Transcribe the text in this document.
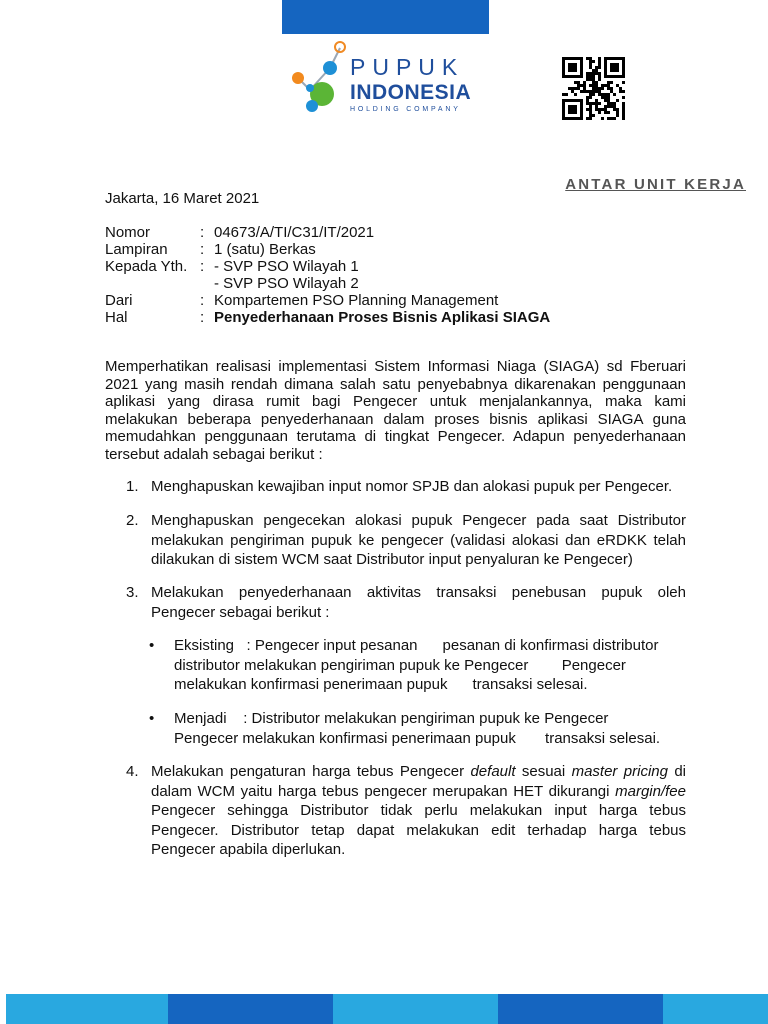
PUPUK
INDONESIA
HOLDING COMPANY
ANTAR UNIT KERJA
Jakarta, 16 Maret 2021
Nomor	: 04673/A/TI/C31/IT/2021
Lampiran	: 1 (satu) Berkas
Kepada Yth. : - SVP PSO Wilayah 1
- SVP PSO Wilayah 2
Dari	: Kompartemen PSO Planning Management
Hal	: Penyederhanaan Proses Bisnis Aplikasi SIAGA
Memperhatikan realisasi implementasi Sistem Informasi Niaga (SIAGA) sd Fberuari 2021 yang masih rendah dimana salah satu penyebabnya dikarenakan penggunaan aplikasi yang dirasa rumit bagi Pengecer untuk menjalankannya, maka kami melakukan beberapa penyederhanaan dalam proses bisnis aplikasi SIAGA guna memudahkan penggunaan terutama di tingkat Pengecer. Adapun penyederhanaan tersebut adalah sebagai berikut :
1. Menghapuskan kewajiban input nomor SPJB dan alokasi pupuk per Pengecer.
2. Menghapuskan pengecekan alokasi pupuk Pengecer pada saat Distributor melakukan pengiriman pupuk ke pengecer (validasi alokasi dan eRDKK telah dilakukan di sistem WCM saat Distributor input penyaluran ke Pengecer)
3. Melakukan penyederhanaan aktivitas transaksi penebusan pupuk oleh Pengecer sebagai berikut :
• Eksisting : Pengecer input pesanan      pesanan di konfirmasi distributor
distributor melakukan pengiriman pupuk ke Pengecer        Pengecer
melakukan konfirmasi penerimaan pupuk      transaksi selesai.
• Menjadi : Distributor melakukan pengiriman pupuk ke Pengecer
Pengecer melakukan konfirmasi penerimaan pupuk       transaksi selesai.
4. Melakukan pengaturan harga tebus Pengecer default sesuai master pricing di dalam WCM yaitu harga tebus pengecer merupakan HET dikurangi margin/fee Pengecer sehingga Distributor tidak perlu melakukan input harga tebus Pengecer. Distributor tetap dapat melakukan edit terhadap harga tebus Pengecer apabila diperlukan.
